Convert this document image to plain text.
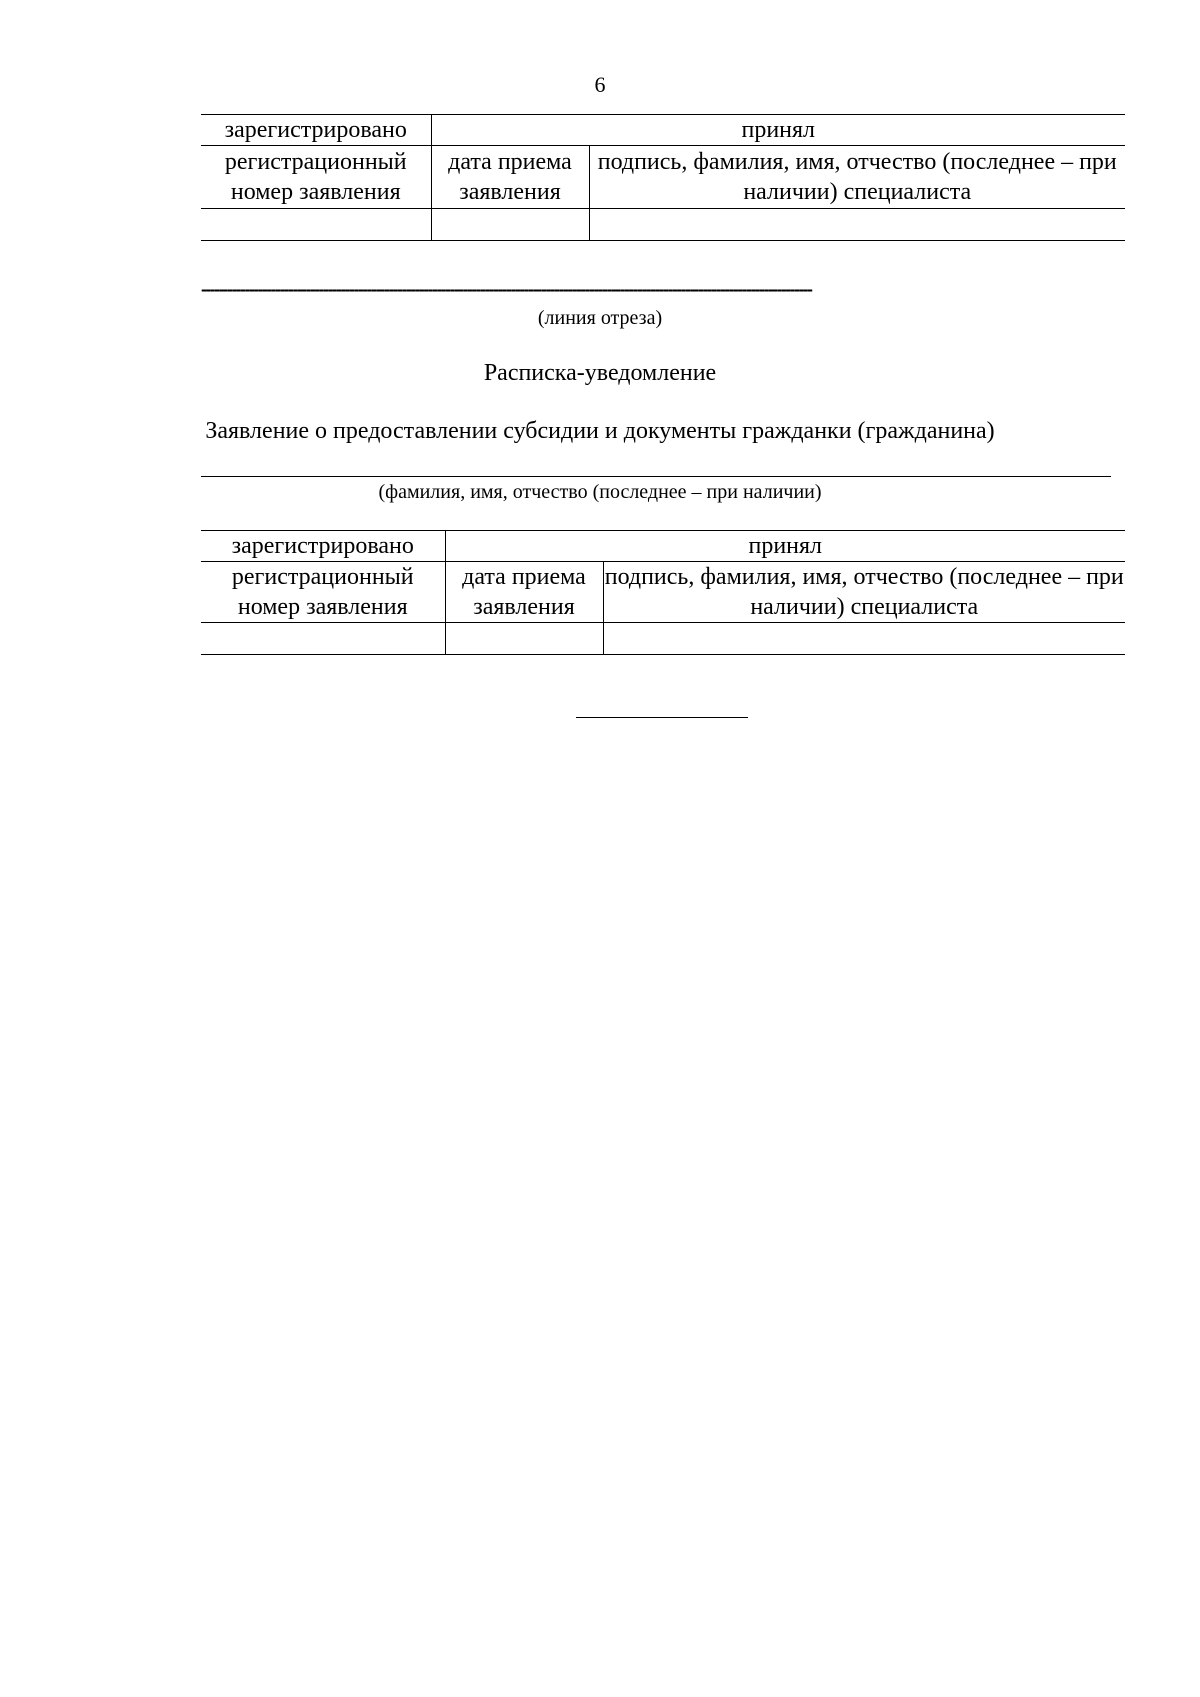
6
зарегистрировано	принял	
регистрационный номер заявления	дата приема заявления	подпись, фамилия, имя, отчество (последнее – при наличии) специалиста

--------------------------------------------------------------------------------------------------------------------------------------------
(линия отреза)
Расписка-уведомление
Заявление о предоставлении субсидии и документы гражданки (гражданина)
(фамилия, имя, отчество (последнее – при наличии)
зарегистрировано	принял	
регистрационный номер заявления	дата приема заявления	подпись, фамилия, имя, отчество (последнее – при наличии) специалиста
